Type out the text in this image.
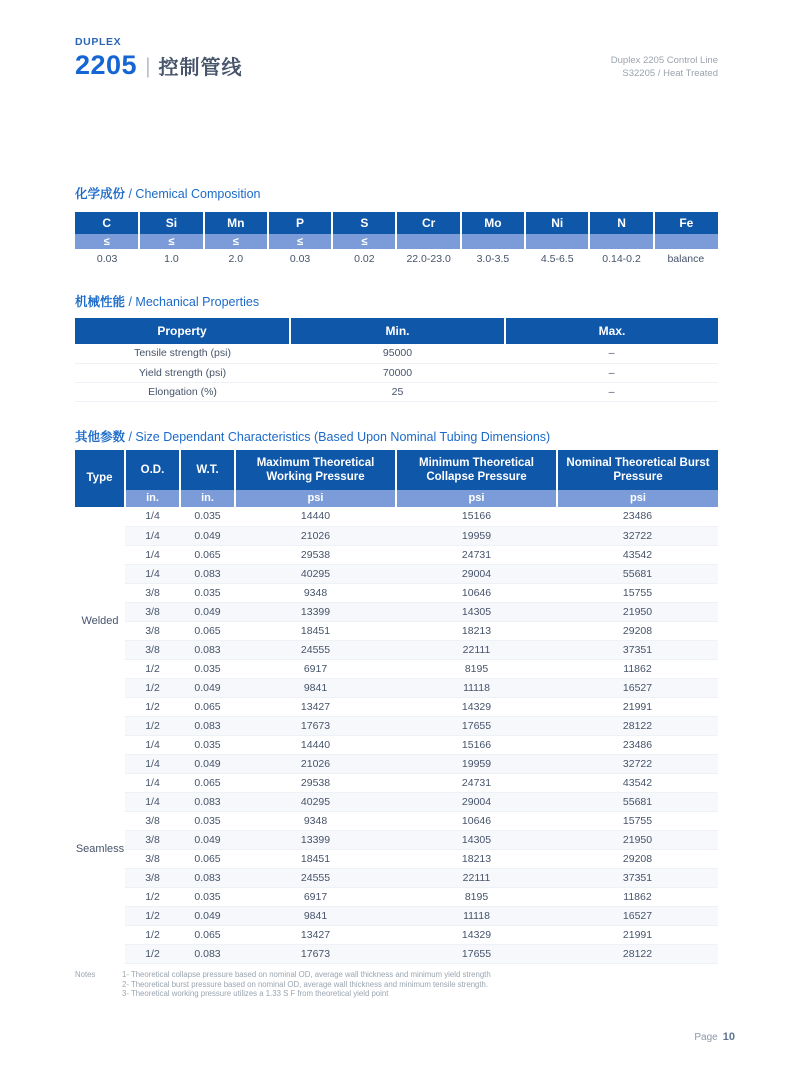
DUPLEX
2205 | 控制管线	Duplex 2205 Control Line
S32205 / Heat Treated
化学成份 / Chemical Composition
C	Si	Mn	P	S	Cr	Mo	Ni	N	Fe
≤	≤	≤	≤	≤					
0.03	1.0	2.0	0.03	0.02	22.0-23.0	3.0-3.5	4.5-6.5	0.14-0.2	balance
机械性能 / Mechanical Properties
Property	Min.	Max.
Tensile strength (psi)	95000	–
Yield strength (psi)	70000	–
Elongation (%)	25	–
其他参数 / Size Dependant Characteristics (Based Upon Nominal Tubing Dimensions)
Type	O.D.	W.T.	Maximum Theoretical Working Pressure	Minimum Theoretical Collapse Pressure	Nominal Theoretical Burst Pressure
	in.	in.	psi	psi	psi
Welded	1/4	0.035	14440	15166	23486
	1/4	0.049	21026	19959	32722
	1/4	0.065	29538	24731	43542
	1/4	0.083	40295	29004	55681
	3/8	0.035	9348	10646	15755
	3/8	0.049	13399	14305	21950
	3/8	0.065	18451	18213	29208
	3/8	0.083	24555	22111	37351
	1/2	0.035	6917	8195	11862
	1/2	0.049	9841	11118	16527
	1/2	0.065	13427	14329	21991
	1/2	0.083	17673	17655	28122
Seamless	1/4	0.035	14440	15166	23486
	1/4	0.049	21026	19959	32722
	1/4	0.065	29538	24731	43542
	1/4	0.083	40295	29004	55681
	3/8	0.035	9348	10646	15755
	3/8	0.049	13399	14305	21950
	3/8	0.065	18451	18213	29208
	3/8	0.083	24555	22111	37351
	1/2	0.035	6917	8195	11862
	1/2	0.049	9841	11118	16527
	1/2	0.065	13427	14329	21991
	1/2	0.083	17673	17655	28122
Notes	1- Theoretical collapse pressure based on nominal OD, average wall thickness and minimum yield strength
2- Theoretical burst pressure based on nominal OD, average wall thickness and minimum tensile strength.
3- Theoretical working pressure utilizes a 1.33 S F from theoretical yield point
Page 10
